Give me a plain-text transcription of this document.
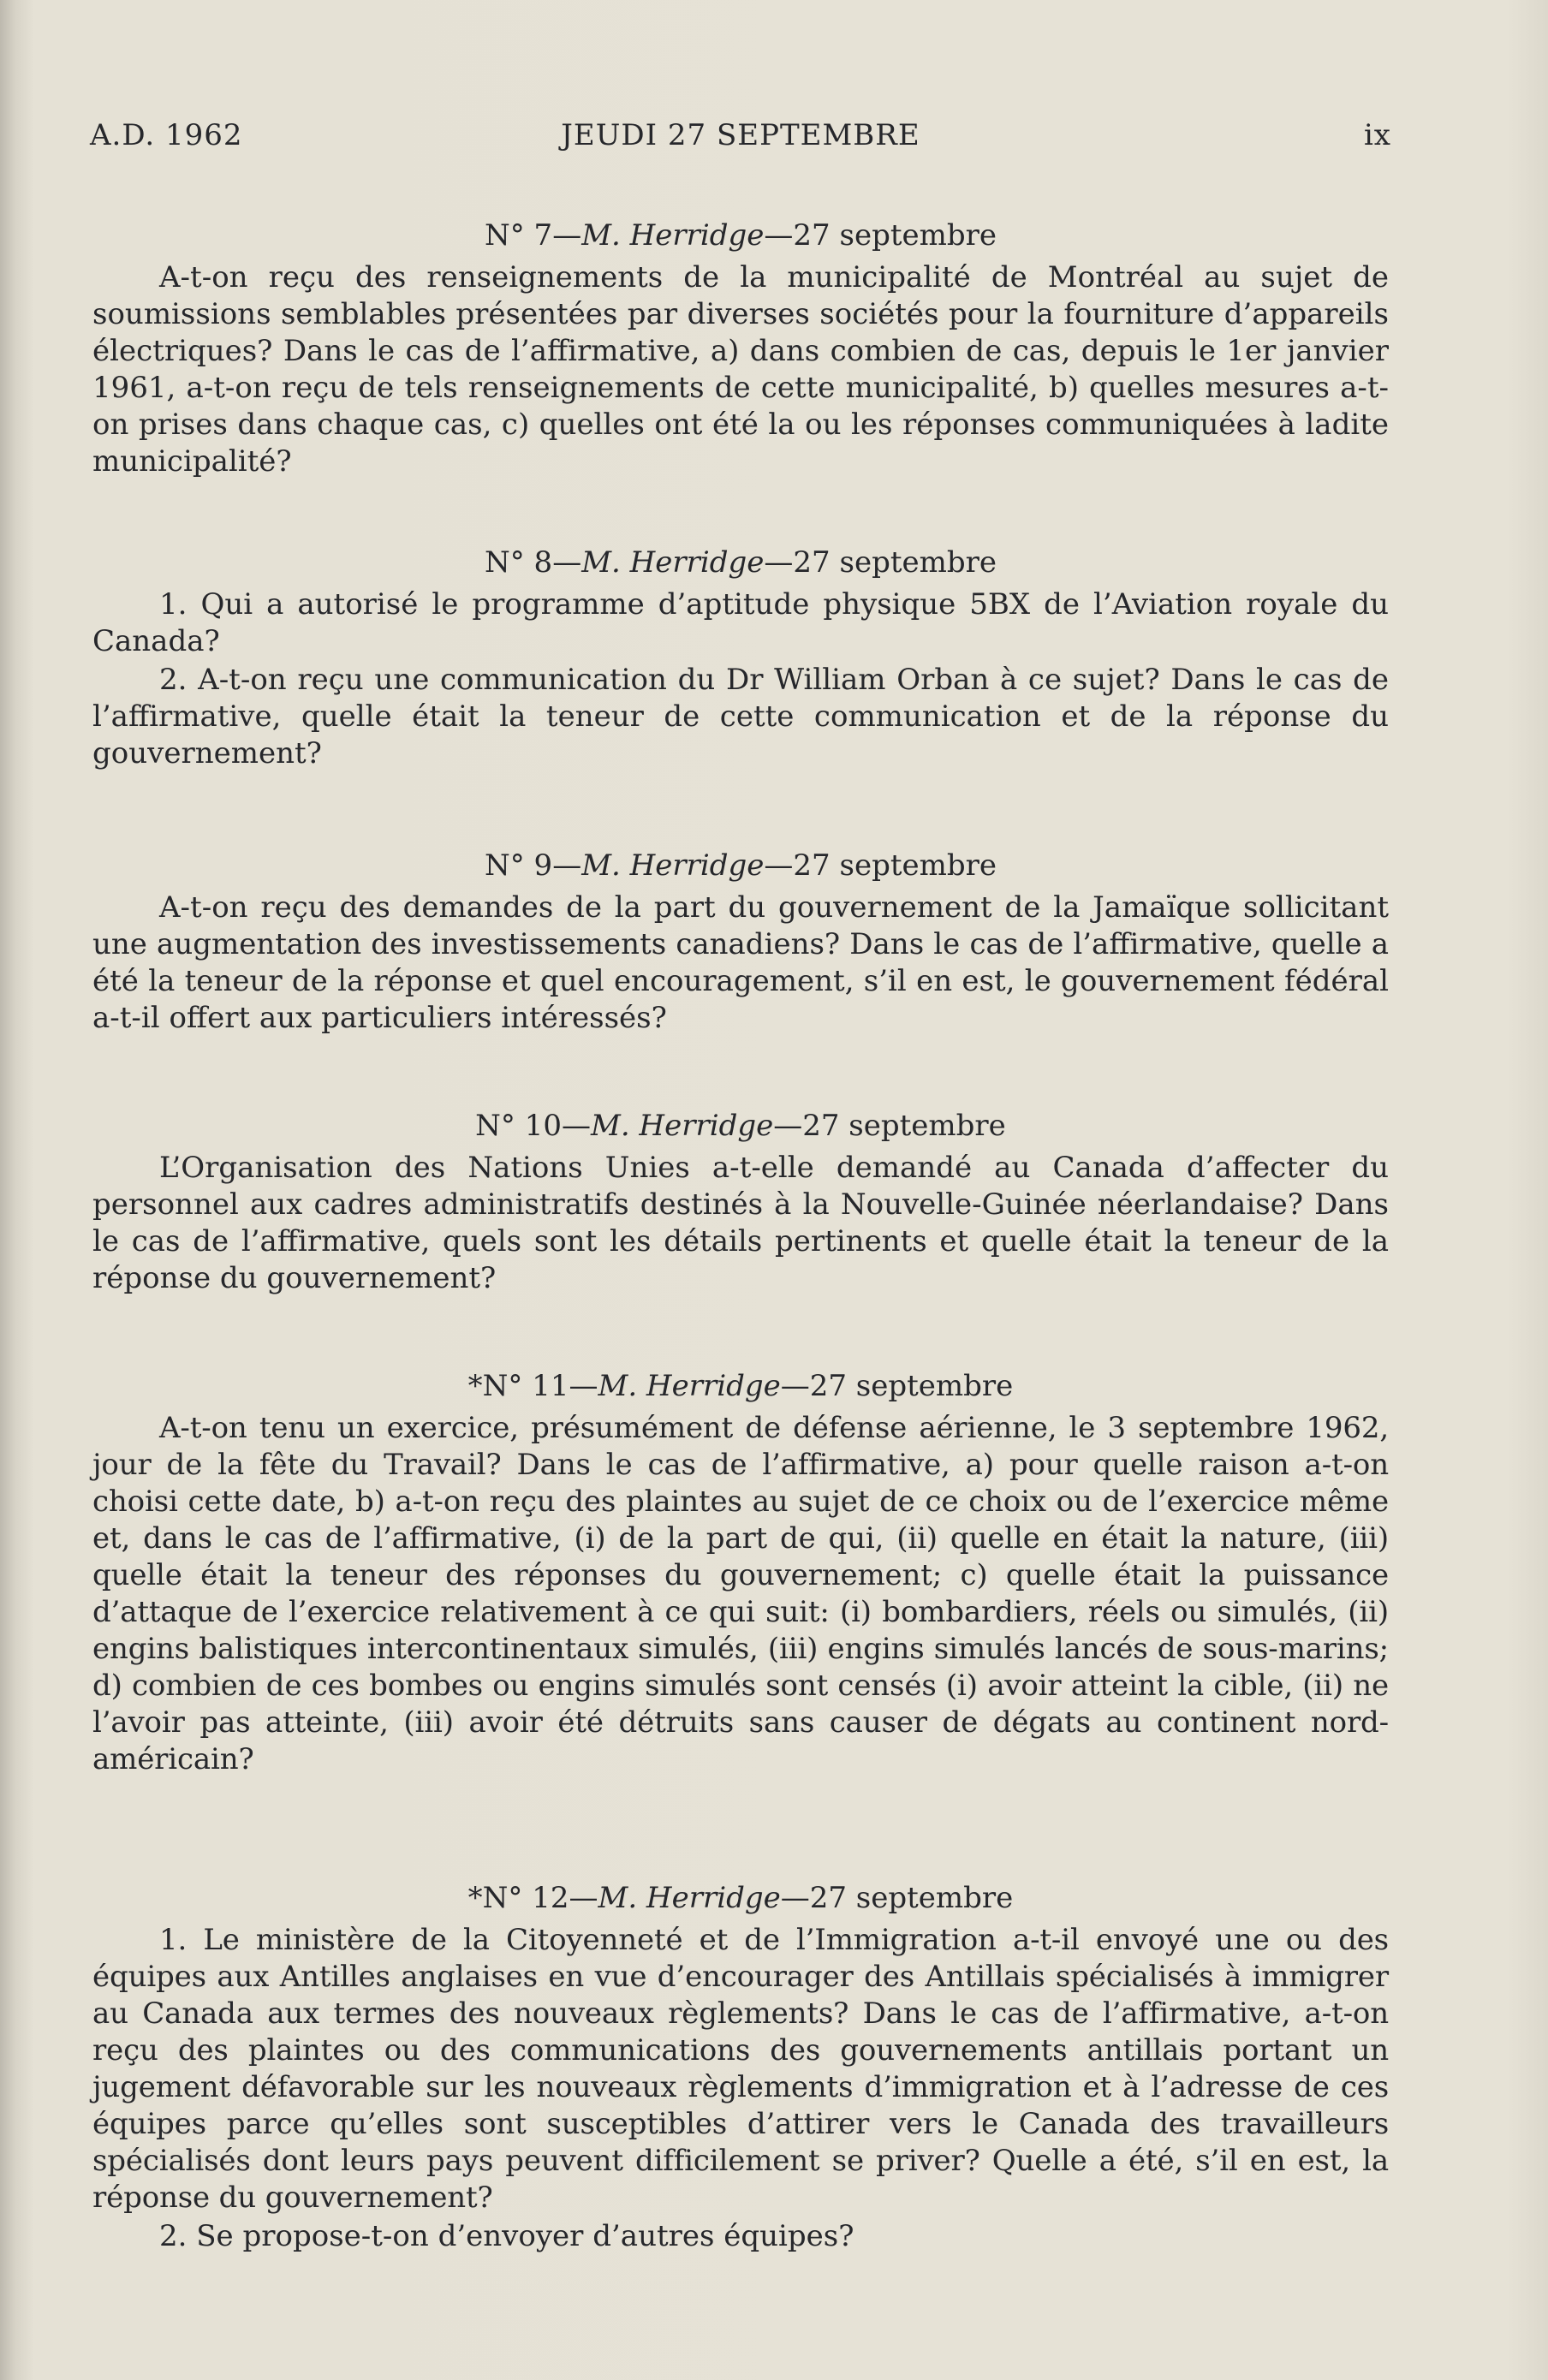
A.D. 1962	JEUDI 27 SEPTEMBRE	ix
N° 7—M. Herridge—27 septembre

A-t-on reçu des renseignements de la municipalité de Montréal au sujet de soumissions semblables présentées par diverses sociétés pour la fourniture d’appareils électriques? Dans le cas de l’affirmative, a) dans combien de cas, depuis le 1er janvier 1961, a-t-on reçu de tels renseignements de cette municipalité, b) quelles mesures a-t-on prises dans chaque cas, c) quelles ont été la ou les réponses communiquées à ladite municipalité?

N° 8—M. Herridge—27 septembre

1. Qui a autorisé le programme d’aptitude physique 5BX de l’Aviation royale du Canada?

2. A-t-on reçu une communication du Dr William Orban à ce sujet? Dans le cas de l’affirmative, quelle était la teneur de cette communication et de la réponse du gouvernement?

N° 9—M. Herridge—27 septembre

A-t-on reçu des demandes de la part du gouvernement de la Jamaïque sollicitant une augmentation des investissements canadiens? Dans le cas de l’affirmative, quelle a été la teneur de la réponse et quel encouragement, s’il en est, le gouvernement fédéral a-t-il offert aux particuliers intéressés?

N° 10—M. Herridge—27 septembre

L’Organisation des Nations Unies a-t-elle demandé au Canada d’affecter du personnel aux cadres administratifs destinés à la Nouvelle-Guinée néerlandaise? Dans le cas de l’affirmative, quels sont les détails pertinents et quelle était la teneur de la réponse du gouvernement?

*N° 11—M. Herridge—27 septembre

A-t-on tenu un exercice, présumément de défense aérienne, le 3 septembre 1962, jour de la fête du Travail? Dans le cas de l’affirmative, a) pour quelle raison a-t-on choisi cette date, b) a-t-on reçu des plaintes au sujet de ce choix ou de l’exercice même et, dans le cas de l’affirmative, (i) de la part de qui, (ii) quelle en était la nature, (iii) quelle était la teneur des réponses du gouvernement; c) quelle était la puissance d’attaque de l’exercice relativement à ce qui suit: (i) bombardiers, réels ou simulés, (ii) engins balistiques intercontinentaux simulés, (iii) engins simulés lancés de sous-marins; d) combien de ces bombes ou engins simulés sont censés (i) avoir atteint la cible, (ii) ne l’avoir pas atteinte, (iii) avoir été détruits sans causer de dégats au continent nord-américain?

*N° 12—M. Herridge—27 septembre

1. Le ministère de la Citoyenneté et de l’Immigration a-t-il envoyé une ou des équipes aux Antilles anglaises en vue d’encourager des Antillais spécialisés à immigrer au Canada aux termes des nouveaux règlements? Dans le cas de l’affirmative, a-t-on reçu des plaintes ou des communications des gouvernements antillais portant un jugement défavorable sur les nouveaux règlements d’immigration et à l’adresse de ces équipes parce qu’elles sont susceptibles d’attirer vers le Canada des travailleurs spécialisés dont leurs pays peuvent difficilement se priver? Quelle a été, s’il en est, la réponse du gouvernement?

2. Se propose-t-on d’envoyer d’autres équipes?
